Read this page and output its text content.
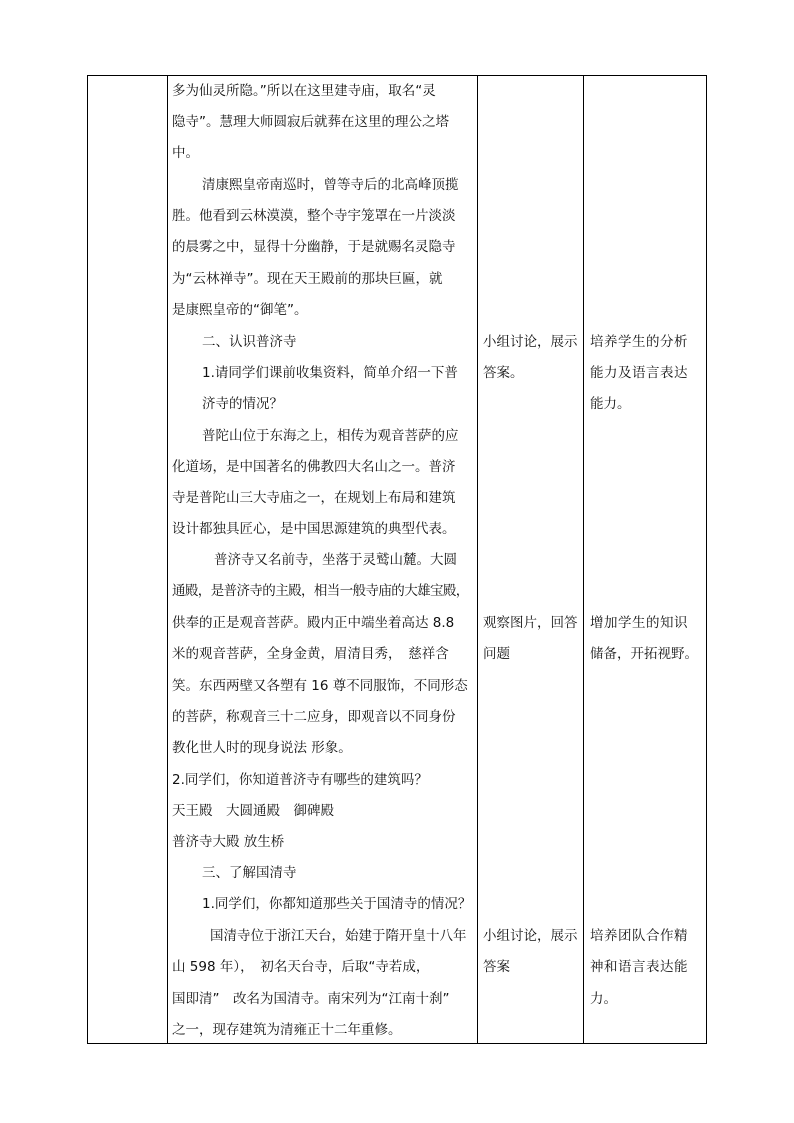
多为仙灵所隐。”所以在这里建寺庙，取名“灵
隐寺”。慧理大师圆寂后就葬在这里的理公之塔
中。
清康熙皇帝南巡时，曾等寺后的北高峰顶揽
胜。他看到云林漠漠，整个寺宇笼罩在一片淡淡
的晨雾之中，显得十分幽静，于是就赐名灵隐寺
为“云林禅寺”。现在天王殿前的那块巨匾，就
是康熙皇帝的“御笔”。
二、认识普济寺
1.请同学们课前收集资料，简单介绍一下普
济寺的情况？
普陀山位于东海之上，相传为观音菩萨的应
化道场，是中国著名的佛教四大名山之一。普济
寺是普陀山三大寺庙之一，在规划上布局和建筑
设计都独具匠心，是中国思源建筑的典型代表。
普济寺又名前寺，坐落于灵鹫山麓。大圆
通殿，是普济寺的主殿，相当一般寺庙的大雄宝殿，
供奉的正是观音菩萨。殿内正中端坐着高达 8.8
米的观音菩萨，全身金黄，眉清目秀，　慈祥含
笑。东西两壁又各塑有 16 尊不同服饰，不同形态
的菩萨，称观音三十二应身，即观音以不同身份
教化世人时的现身说法 形象。
2.同学们，你知道普济寺有哪些的建筑吗？
天王殿　大圆通殿　御碑殿
普济寺大殿 放生桥
三、了解国清寺
1.同学们，你都知道那些关于国清寺的情况？
国清寺位于浙江天台，始建于隋开皇十八年
山 598 年），　初名天台寺，后取“寺若成，
国即清”　改名为国清寺。南宋列为“江南十刹”
之一，现存建筑为清雍正十二年重修。
小组讨论，展示
答案。
观察图片，回答
问题
小组讨论，展示
答案
培养学生的分析
能力及语言表达
能力。
增加学生的知识
储备，开拓视野。
培养团队合作精
神和语言表达能
力。
